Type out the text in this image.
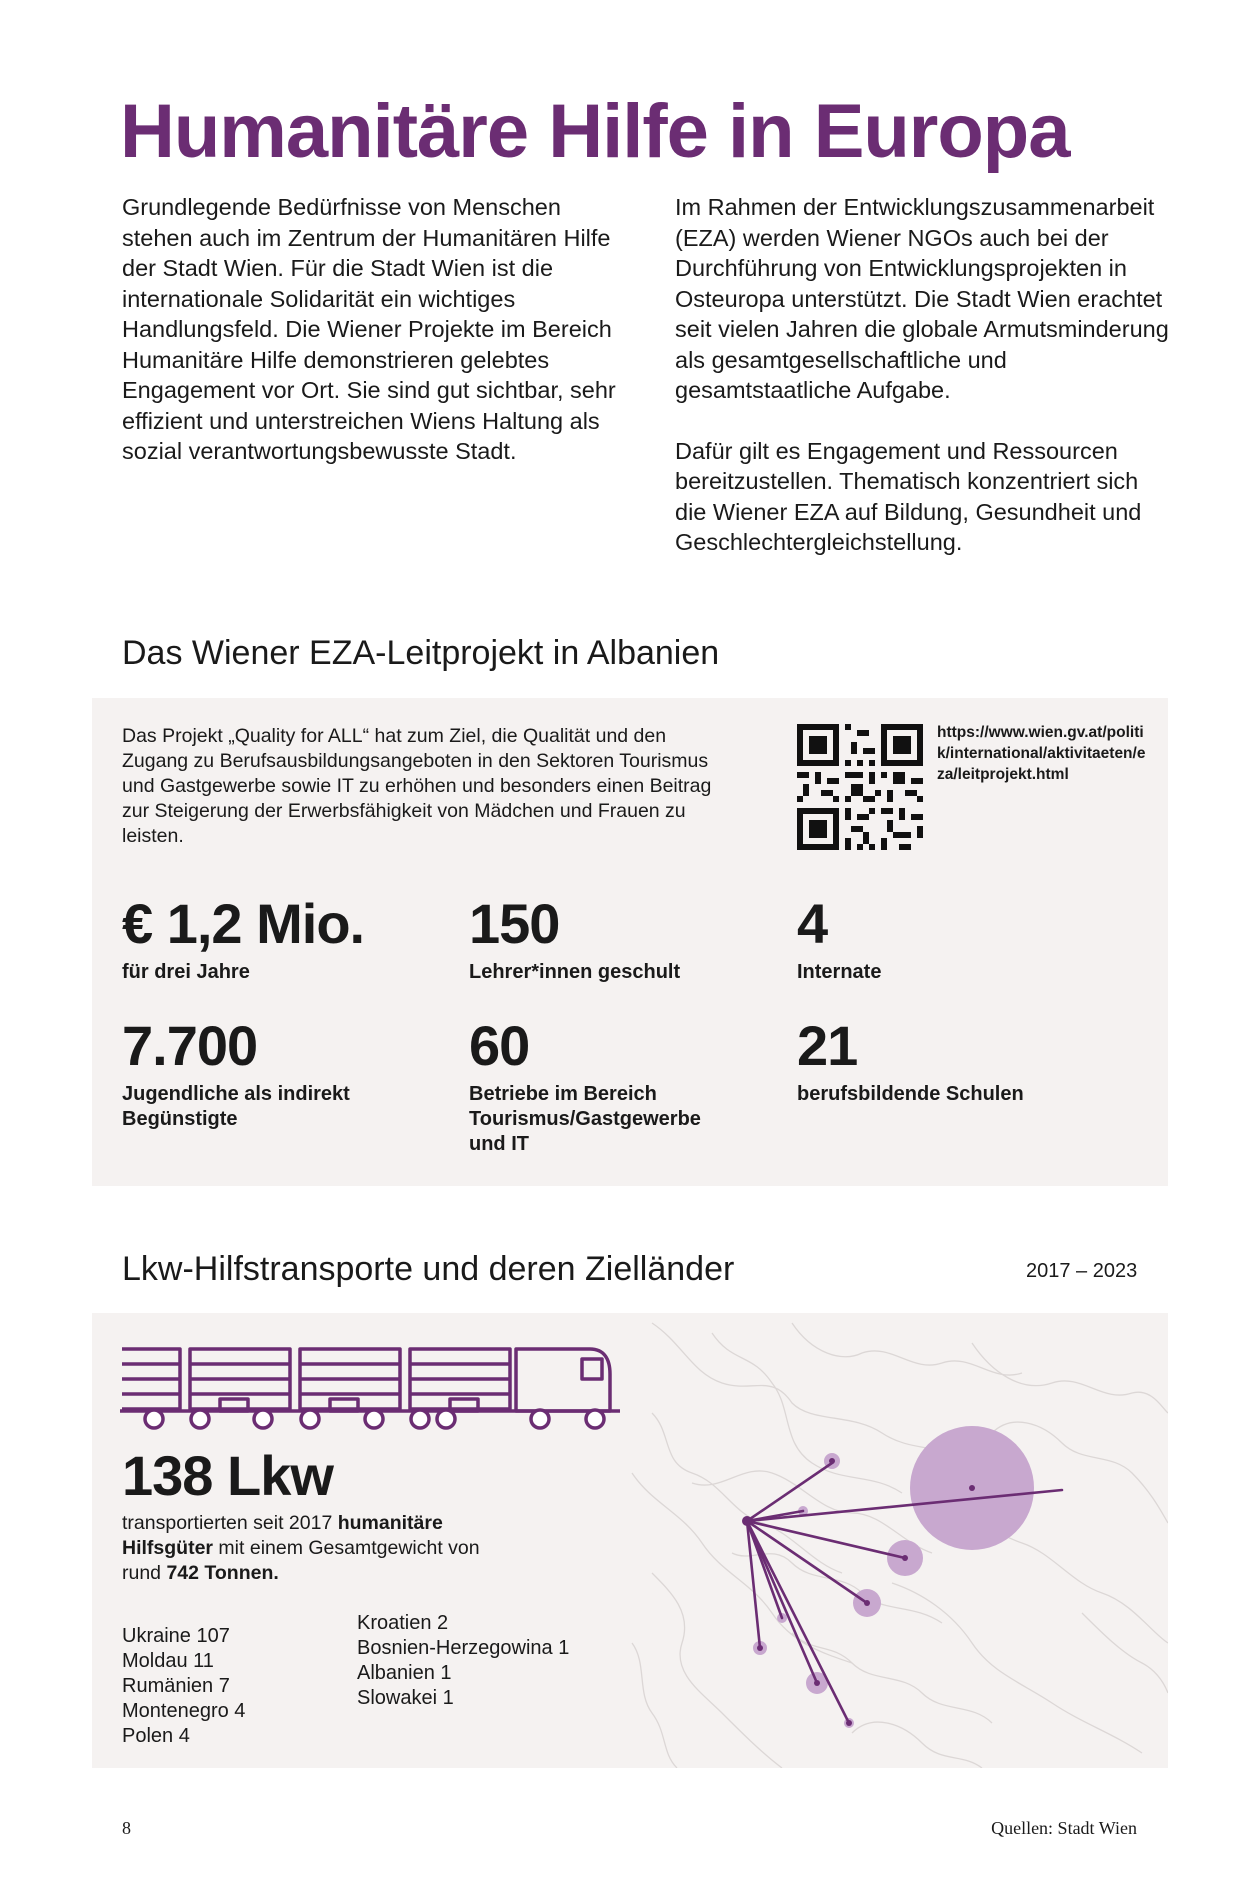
Humanitäre Hilfe in Europa

Grundlegende Bedürfnisse von Menschen stehen auch im Zentrum der Humanitären Hilfe der Stadt Wien. Für die Stadt Wien ist die internationale Solidarität ein wichtiges Handlungsfeld. Die Wiener Projekte im Bereich Humanitäre Hilfe demonstrieren gelebtes Engagement vor Ort. Sie sind gut sichtbar, sehr effizient und unterstreichen Wiens Haltung als sozial verantwortungsbewusste Stadt.

Im Rahmen der Entwicklungszusammenarbeit (EZA) werden Wiener NGOs auch bei der Durchführung von Entwicklungsprojekten in Osteuropa unterstützt. Die Stadt Wien erachtet seit vielen Jahren die globale Armutsminderung als gesamtgesellschaftliche und gesamtstaatliche Aufgabe.

Dafür gilt es Engagement und Ressourcen bereitzustellen. Thematisch konzentriert sich die Wiener EZA auf Bildung, Gesundheit und Geschlechtergleichstellung.

Das Wiener EZA-Leitprojekt in Albanien
Das Projekt „Quality for ALL“ hat zum Ziel, die Qualität und den Zugang zu Berufsausbildungsangeboten in den Sektoren Tourismus und Gastgewerbe sowie IT zu erhöhen und besonders einen Beitrag zur Steigerung der Erwerbsfähigkeit von Mädchen und Frauen zu leisten.
https://www.wien.gv.at/politik/international/aktivitaeten/eza/leitprojekt.html
€ 1,2 Mio.
für drei Jahre
150
Lehrer*innen geschult
4
Internate
7.700
Jugendliche als indirekt Begünstigte
60
Betriebe im Bereich Tourismus/Gastgewerbe und IT
21
berufsbildende Schulen
Lkw-Hilfstransporte und deren Zielländer	2017 – 2023
138 Lkw
transportierten seit 2017 humanitäre Hilfsgüter mit einem Gesamtgewicht von rund 742 Tonnen.
Ukraine 107
Moldau 11
Rumänien 7
Montenegro 4
Polen 4
Kroatien 2
Bosnien-Herzegowina 1
Albanien 1
Slowakei 1
8	Quellen: Stadt Wien
